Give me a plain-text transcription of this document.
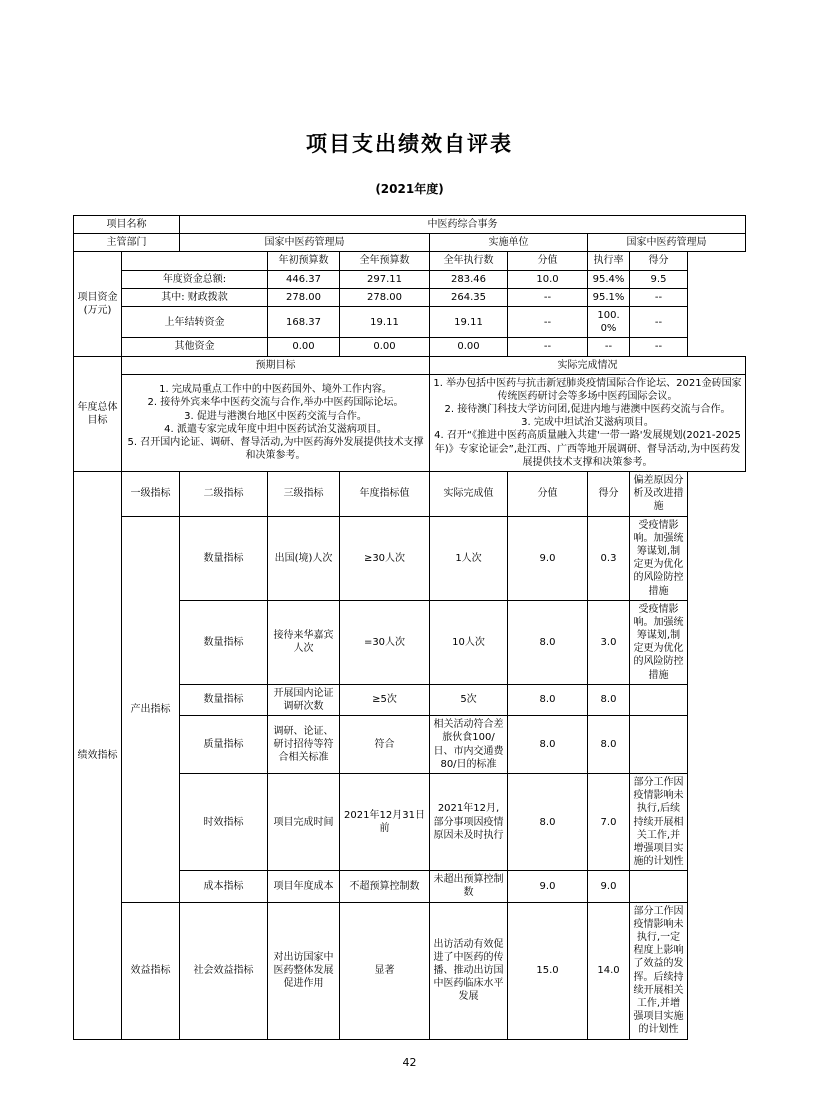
项目支出绩效自评表
(2021年度)
项目名称		中医药综合事务						
主管部门		国家中医药管理局			实施单位		国家中医药管理局	
项目资金(万元)			年初预算数	全年预算数	全年执行数	分值	执行率	得分
	年度资金总额:		446.37	297.11	283.46	10.0	95.4%	9.5
	其中: 财政拨款		278.00	278.00	264.35	--	95.1%	--
	上年结转资金		168.37	19.11	19.11	--	100.0%	--
	其他资金		0.00	0.00	0.00	--	--	--
年度总体目标	预期目标				实际完成情况			

1. 完成局重点工作中的中医药国外、境外工作内容。
2. 接待外宾来华中医药交流与合作,举办中医药国际论坛。
3. 促进与港澳台地区中医药交流与合作。
4. 派遣专家完成年度中坦中医药试治艾滋病项目。
5. 召开国内论证、调研、督导活动,为中医药海外发展提供技术支撑和决策参考。

1. 举办包括中医药与抗击新冠肺炎疫情国际合作论坛、2021金砖国家传统医药研讨会等多场中医药国际会议。
2. 接待澳门科技大学访问团,促进内地与港澳中医药交流与合作。
3. 完成中坦试治艾滋病项目。
4. 召开“《推进中医药高质量融入共建'一带一路'发展规划(2021-2025年)》专家论证会”,赴江西、广西等地开展调研、督导活动,为中医药发展提供技术支撑和决策参考。

绩效指标	一级指标	二级指标	三级指标	年度指标值	实际完成值	分值	得分	偏差原因分析及改进措施
	产出指标	数量指标	出国(境)人次	≥30人次	1人次	9.0	0.3	受疫情影响。加强统筹谋划,制定更为优化的风险防控措施
		数量指标	接待来华嘉宾人次	=30人次	10人次	8.0	3.0	受疫情影响。加强统筹谋划,制定更为优化的风险防控措施
		数量指标	开展国内论证调研次数	≥5次	5次	8.0	8.0	
		质量指标	调研、论证、研讨招待等符合相关标准	符合	相关活动符合差旅伙食100/日、市内交通费80/日的标准	8.0	8.0	
		时效指标	项目完成时间	2021年12月31日前	2021年12月,部分事项因疫情原因未及时执行	8.0	7.0	部分工作因疫情影响未执行,后续持续开展相关工作,并增强项目实施的计划性
		成本指标	项目年度成本	不超预算控制数	未超出预算控制数	9.0	9.0	
	效益指标	社会效益指标	对出访国家中医药整体发展促进作用	显著	出访活动有效促进了中医药的传播、推动出访国中医药临床水平发展	15.0	14.0	部分工作因疫情影响未执行,一定程度上影响了效益的发挥。后续持续开展相关工作,并增强项目实施的计划性
42
